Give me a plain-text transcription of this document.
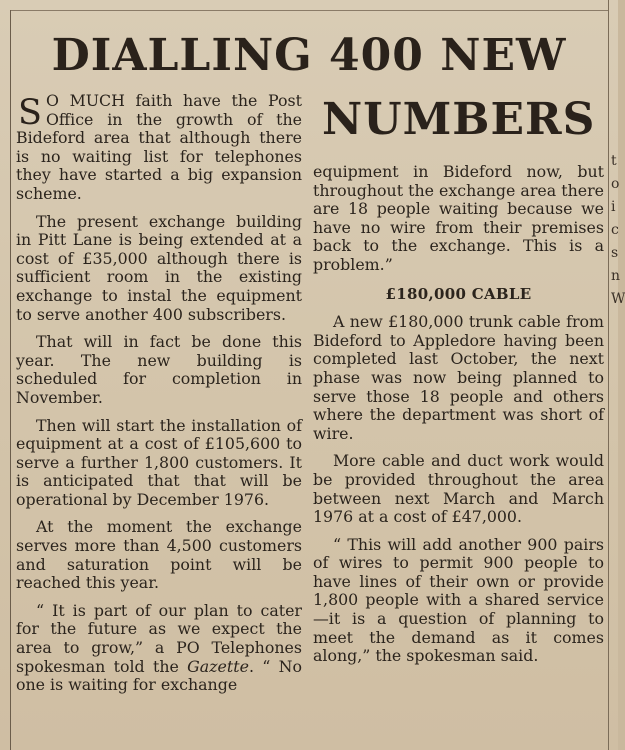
t
o
i
c
s
n
W
DIALLING 400 NEW
NUMBERS

S O MUCH faith have the Post Office in the growth of the Bideford area that although there is no waiting list for telephones they have started a big expansion scheme.

The present exchange building in Pitt Lane is being extended at a cost of £35,000 although there is sufficient room in the existing exchange to instal the equipment to serve another 400 subscribers.

That will in fact be done this year. The new building is scheduled for completion in November.

Then will start the installation of equipment at a cost of £105,600 to serve a further 1,800 customers. It is anticipated that that will be operational by December 1976.

At the moment the exchange serves more than 4,500 customers and saturation point will be reached this year.

“ It is part of our plan to cater for the future as we expect the area to grow,” a PO Telephones spokesman told the Gazette. “ No one is waiting for exchange

equipment in Bideford now, but throughout the exchange area there are 18 people waiting because we have no wire from their premises back to the exchange. This is a problem.”

£180,000 CABLE

A new £180,000 trunk cable from Bideford to Appledore having been completed last October, the next phase was now being planned to serve those 18 people and others where the department was short of wire.

More cable and duct work would be provided throughout the area between next March and March 1976 at a cost of £47,000.

“ This will add another 900 pairs of wires to permit 900 people to have lines of their own or provide 1,800 people with a shared service—it is a question of planning to meet the demand as it comes along,” the spokesman said.
